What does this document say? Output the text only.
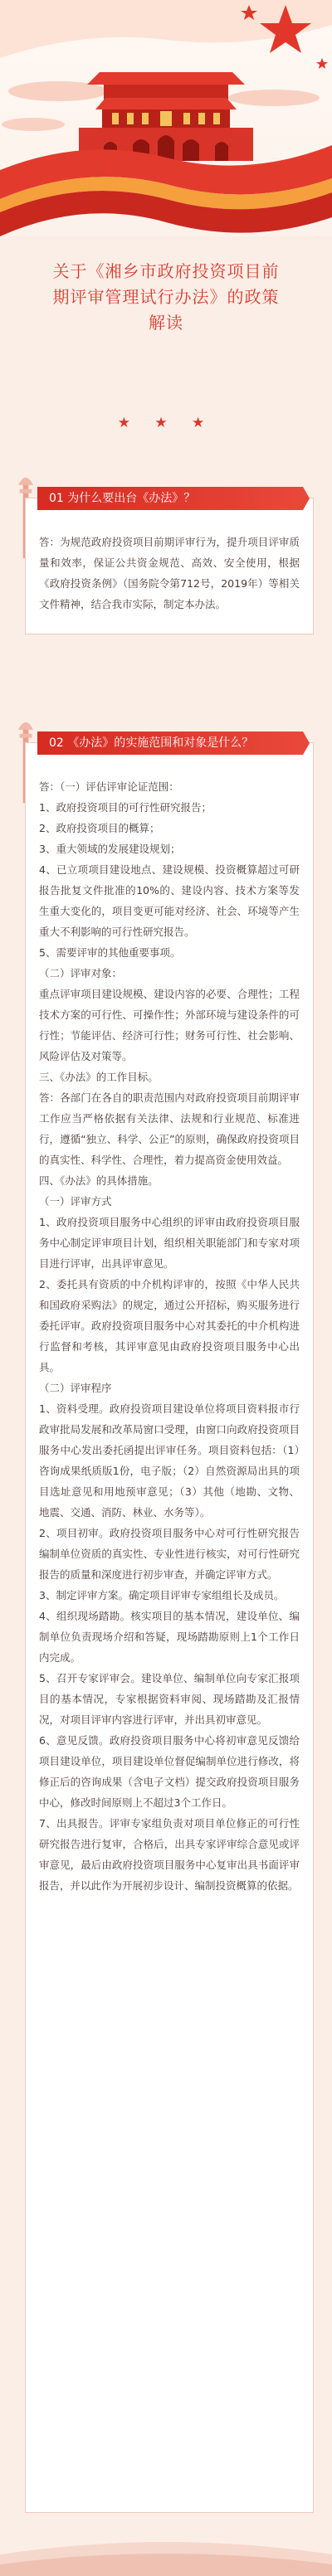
关于《湘乡市政府投资项目前
期评审管理试行办法》的政策
解读
★ ★ ★
01 为什么要出台《办法》？

答：为规范政府投资项目前期评审行为，提升项目评审质量和效率，保证公共资金规范、高效、安全使用，根据《政府投资条例》（国务院令第712号，2019年）等相关文件精神，结合我市实际，制定本办法。

02 《办法》的实施范围和对象是什么？

答：（一）评估评审论证范围：

1、政府投资项目的可行性研究报告；

2、政府投资项目的概算；

3、重大领域的发展建设规划；

4、已立项项目建设地点、建设规模、投资概算超过可研报告批复文件批准的10%的、建设内容、技术方案等发生重大变化的，项目变更可能对经济、社会、环境等产生重大不利影响的可行性研究报告。

5、需要评审的其他重要事项。

（二）评审对象：

重点评审项目建设规模、建设内容的必要、合理性；工程技术方案的可行性、可操作性；外部环境与建设条件的可行性；节能评估、经济可行性；财务可行性、社会影响、风险评估及对策等。

三、《办法》的工作目标。

答：各部门在各自的职责范围内对政府投资项目前期评审工作应当严格依据有关法律、法规和行业规范、标准进行，遵循“独立、科学、公正”的原则，确保政府投资项目的真实性、科学性、合理性，着力提高资金使用效益。

四、《办法》的具体措施。

（一）评审方式

1、政府投资项目服务中心组织的评审由政府投资项目服务中心制定评审项目计划，组织相关职能部门和专家对项目进行评审，出具评审意见。

2、委托具有资质的中介机构评审的，按照《中华人民共和国政府采购法》的规定，通过公开招标，购买服务进行委托评审。政府投资项目服务中心对其委托的中介机构进行监督和考核，其评审意见由政府投资项目服务中心出具。

（二）评审程序

1、资料受理。政府投资项目建设单位将项目资料报市行政审批局发展和改革局窗口受理，由窗口向政府投资项目服务中心发出委托函提出评审任务。项目资料包括：（1）咨询成果纸质版1份，电子版；（2）自然资源局出具的项目选址意见和用地预审意见；（3）其他（地勘、文物、地震、交通、消防、林业、水务等）。

2、项目初审。政府投资项目服务中心对可行性研究报告编制单位资质的真实性、专业性进行核实，对可行性研究报告的质量和深度进行初步审查，并确定评审方式。

3、制定评审方案。确定项目评审专家组组长及成员。

4、组织现场踏勘。核实项目的基本情况，建设单位、编制单位负责现场介绍和答疑，现场踏勘原则上1个工作日内完成。

5、召开专家评审会。建设单位、编制单位向专家汇报项目的基本情况，专家根据资料审阅、现场踏勘及汇报情况，对项目评审内容进行评审，并出具初审意见。

6、意见反馈。政府投资项目服务中心将初审意见反馈给项目建设单位，项目建设单位督促编制单位进行修改，将修正后的咨询成果（含电子文档）提交政府投资项目服务中心，修改时间原则上不超过3个工作日。

7、出具报告。评审专家组负责对项目单位修正的可行性研究报告进行复审，合格后，出具专家评审综合意见或评审意见，最后由政府投资项目服务中心复审出具书面评审报告，并以此作为开展初步设计、编制投资概算的依据。
